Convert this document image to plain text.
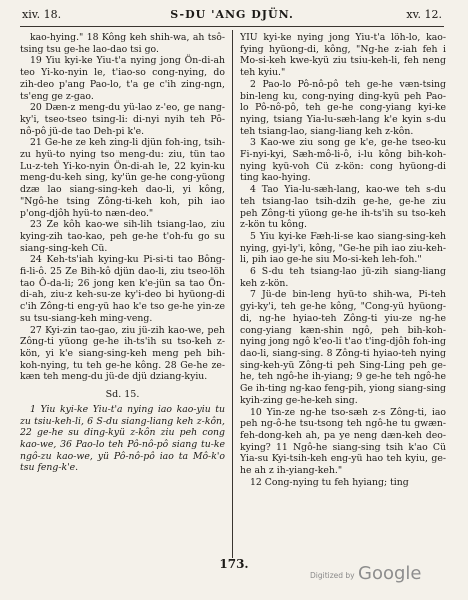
xiv. 18.	S-DU 'ANG DJÜN.	xv. 12.

kao-hying." 18 Kông keh shih-wa, ah tsô-tsing tsu ge-he lao-dao tsi go.

19 Yiu kyi-ke Yiu-t'a nying jong Ön-di-ah teo Yi-ko-nyin le, t'iao-so cong-nying, do zih-deo p'ang Pao-lo, t'a ge c'ih zing-ngn, ts'eng ge z-gao.

20 Dæn-z meng-du yü-lao z-'eo, ge nang-ky'i, tseo-tseo tsing-li: di-nyi nyih teh Pô-nô-pô jü-de tao Deh-pi k'e.

21 Ge-he ze keh zing-li djün foh-ing, tsih-zu hyü-to nying tso meng-du: ziu, tün tao Lu-z-teh Yi-ko-nyin Ön-di-ah le, 22 kyin-ku meng-du-keh sing, ky'ün ge-he cong-yüong dzæ lao siang-sing-keh dao-li, yi kông, "Ngô-he tsing Zông-ti-keh koh, pih iao p'ong-djôh hyü-to næn-deo."

23 Ze kôh kao-we sih-lih tsiang-lao, ziu kying-zih tao-kao, peh ge-he t'oh-fu go su siang-sing-keh Cü.

24 Keh-ts'iah kying-ku Pi-si-ti tao Bông-fi-li-ô. 25 Ze Bih-kô djün dao-li, ziu tseo-löh tao Ô-da-li; 26 jong ken k'e-jün sa tao Ön-di-ah, ziu-z keh-su-ze ky'i-deo bi hyüong-di c'ih Zông-ti eng-yü hao k'e tso ge-he yin-ze su tsu-siang-keh ming-veng.

27 Kyi-zin tao-gao, ziu jü-zih kao-we, peh Zông-ti yüong ge-he ih-ts'ih su tso-keh z-kön, yi k'e siang-sing-keh meng peh bih-koh-nying, tu teh ge-he kông. 28 Ge-he ze-kæn teh meng-du jü-de djü dziang-kyiu.

Sd. 15.

1 Yiu kyi-ke Yiu-t'a nying iao kao-yiu tu zu tsiu-keh-li, 6 S-du siang-liang keh z-kôn, 22 ge-he su ding-kyü z-kôn ziu peh cong kao-we, 36 Pao-lo teh Pô-nô-pô siang tu-ke ngô-zu kao-we, yü Pô-nô-pô iao ta Mô-k'o tsu feng-k'e.

YIU kyi-ke nying jong Yiu-t'a löh-lo, kao-fying hyüong-di, kông, "Ng-he z-iah feh i Mo-si-keh kwe-kyü ziu tsiu-keh-li, feh neng teh kyiu."

2 Pao-lo Pô-nô-pô teh ge-he væn-tsing bin-leng ku, cong-nying ding-kyü peh Pao-lo Pô-nô-pô, teh ge-he cong-yiang kyi-ke nying, tsiang Yia-lu-sæh-lang k'e kyin s-du teh tsiang-lao, siang-liang keh z-kôn.

3 Kao-we ziu song ge k'e, ge-he tseo-ku Fi-nyi-kyi, Sæh-mô-li-ô, i-lu kông bih-koh-nying kyü-voh Cü z-kön: cong hyüong-di ting kao-hying.

4 Tao Yia-lu-sæh-lang, kao-we teh s-du teh tsiang-lao tsih-dzih ge-he, ge-he ziu peh Zông-ti yüong ge-he ih-ts'ih su tso-keh z-kön tu kông.

5 Yiu kyi-ke Fæh-li-se kao siang-sing-keh nying, gyi-ly'i, kông, "Ge-he pih iao ziu-keh-li, pih iao ge-he siu Mo-si-keh leh-foh."

6 S-du teh tsiang-lao jü-zih siang-liang keh z-kön.

7 Jü-de bin-leng hyü-to shih-wa, Pi-teh gyi-ky'i, teh ge-he kông, "Cong-yü hyüong-di, ng-he hyiao-teh Zông-ti yiu-ze ng-he cong-yiang kæn-shin ngô, peh bih-koh-nying jong ngô k'eo-li t'ao t'ing-djôh foh-ing dao-li, siang-sing. 8 Zông-ti hyiao-teh nying sing-keh-yü Zông-ti peh Sing-Ling peh ge-he, teh ngô-he ih-yiang; 9 ge-he teh ngô-he Ge ih-ting ng-kao feng-pih, yiong siang-sing kyih-zing ge-he-keh sing.

10 Yin-ze ng-he tso-sæh z-s Zông-ti, iao peh ng-ô-he tsu-tsong teh ngô-he tu gwæn-feh-dong-keh ah, pa ye neng dæn-keh deo-kying? 11 Ngô-he siang-sing tsih k'ao Cü Yia-su Kyi-tsih-keh eng-yü hao teh kyiu, ge-he ah z ih-yiang-keh."

12 Cong-nying tu feh hyiang; ting

173.
Digitized by Google
